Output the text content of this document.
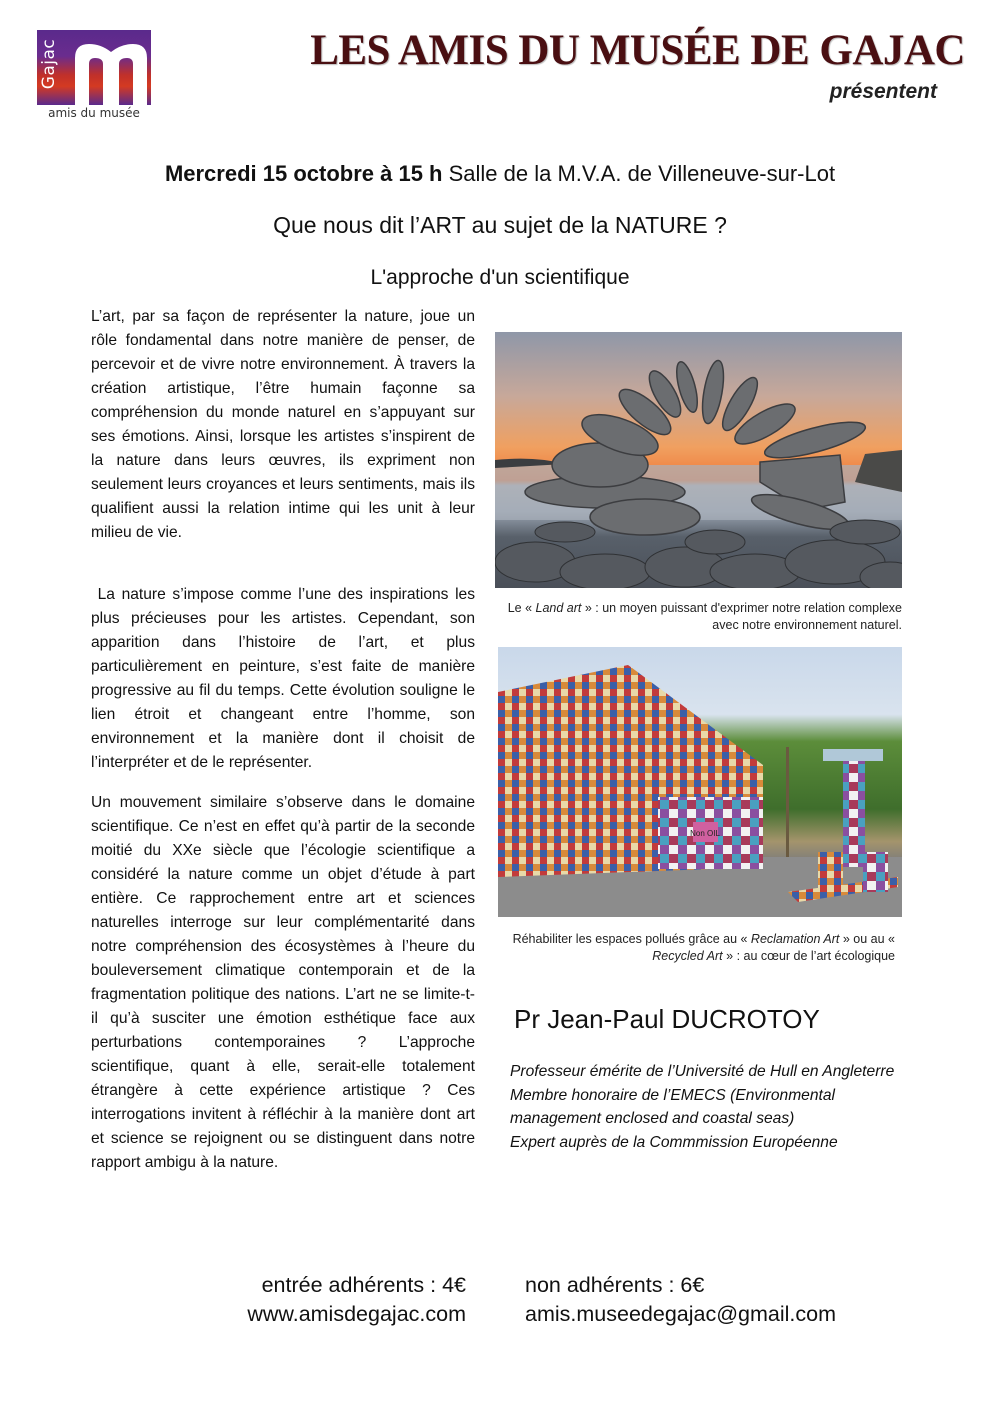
Gajac
amis du musée
LES AMIS DU MUSÉE DE GAJAC
présentent
Mercredi 15 octobre à 15 h Salle de la M.V.A. de Villeneuve-sur-Lot
Que nous dit l’ART au sujet de la NATURE ?
L'approche d'un scientifique

L’art, par sa façon de représenter la nature, joue un rôle fondamental dans notre manière de penser, de percevoir et de vivre notre environnement. À travers la création artistique, l’être humain façonne sa compréhension du monde naturel en s’appuyant sur ses émotions. Ainsi, lorsque les artistes s’inspirent de la nature dans leurs œuvres, ils expriment non seulement leurs croyances et leurs sentiments, mais ils qualifient aussi la relation intime qui les unit à leur milieu de vie.

La nature s’impose comme l’une des inspirations les plus précieuses pour les artistes. Cependant, son apparition dans l’histoire de l’art, et plus particulièrement en peinture, s’est faite de manière progressive au fil du temps. Cette évolution souligne le lien étroit et changeant entre l’homme, son environnement et la manière dont il choisit de l’interpréter et de le représenter.

Un mouvement similaire s’observe dans le domaine scientifique. Ce n’est en effet qu’à partir de la seconde moitié du XXe siècle que l’écologie scientifique a considéré la nature comme un objet d’étude à part entière. Ce rapprochement entre art et sciences naturelles interroge sur leur complémentarité dans notre compréhension des écosystèmes à l’heure du bouleversement climatique contemporain et de la fragmentation politique des nations. L’art ne se limite-t-il qu’à susciter une émotion esthétique face aux perturbations contemporaines ? L’approche scientifique, quant à elle, serait-elle totalement étrangère à cette expérience artistique ? Ces interrogations invitent à réfléchir à la manière dont art et science se rejoignent ou se distinguent dans notre rapport ambigu à la nature.

Le « Land art » : un moyen puissant d'exprimer notre relation complexe avec notre environnement naturel.
Non OIL
Réhabiliter les espaces pollués grâce au « Reclamation Art » ou au « Recycled Art » : au cœur de l’art écologique
Pr Jean-Paul DUCROTOY
Professeur émérite de l’Université de Hull en Angleterre
Membre honoraire de l’EMECS (Environmental
management enclosed and coastal seas)
Expert auprès de la Commmission Européenne
entrée adhérents : 4€	non adhérents : 6€
www.amisdegajac.com	amis.museedegajac@gmail.com
